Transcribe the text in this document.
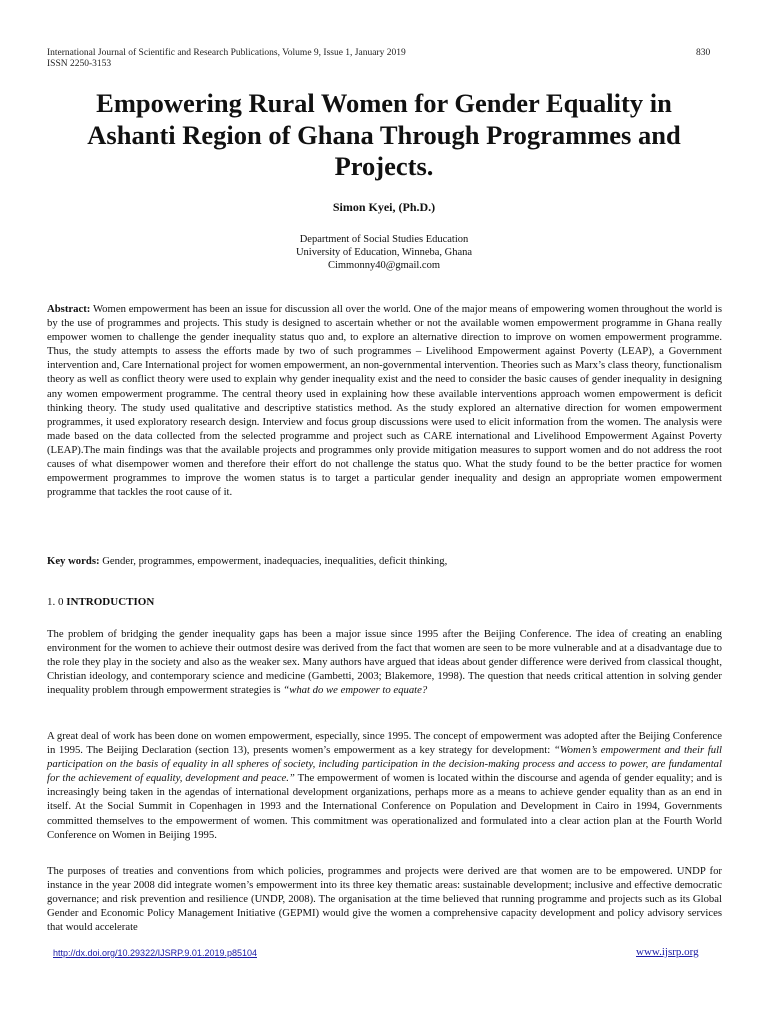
International Journal of Scientific and Research Publications, Volume 9, Issue 1, January 2019
ISSN 2250-3153
830
Empowering Rural Women for Gender Equality in
Ashanti Region of Ghana Through Programmes and
Projects.
Simon Kyei, (Ph.D.)
Department of Social Studies Education
University of Education, Winneba, Ghana
Cimmonny40@gmail.com
Abstract: Women empowerment has been an issue for discussion all over the world. One of the major means of empowering women throughout the world is by the use of programmes and projects. This study is designed to ascertain whether or not the available women empowerment programme in Ghana really empower women to challenge the gender inequality status quo and, to explore an alternative direction to improve on women empowerment programme. Thus, the study attempts to assess the efforts made by two of such programmes – Livelihood Empowerment against Poverty (LEAP), a Government intervention and, Care International project for women empowerment, an non-governmental intervention. Theories such as Marx’s class theory, functionalism theory as well as conflict theory were used to explain why gender inequality exist and the need to consider the basic causes of gender inequality in designing any women empowerment programme. The central theory used in explaining how these available interventions approach women empowerment is deficit thinking theory. The study used qualitative and descriptive statistics method. As the study explored an alternative direction for women empowerment programmes, it used exploratory research design. Interview and focus group discussions were used to elicit information from the women. The analysis were made based on the data collected from the selected programme and project such as CARE international and Livelihood Empowerment Against Poverty (LEAP).The main findings was that the available projects and programmes only provide mitigation measures to support women and do not address the root causes of what disempower women and therefore their effort do not challenge the status quo. What the study found to be the better practice for women empowerment programmes to improve the women status is to target a particular gender inequality and design an appropriate women empowerment programme that tackles the root cause of it.
Key words: Gender, programmes, empowerment, inadequacies, inequalities, deficit thinking,
1. 0 INTRODUCTION
The problem of bridging the gender inequality gaps has been a major issue since 1995 after the Beijing Conference. The idea of creating an enabling environment for the women to achieve their outmost desire was derived from the fact that women are seen to be more vulnerable and at a disadvantage due to the role they play in the society and also as the weaker sex. Many authors have argued that ideas about gender difference were derived from classical thought, Christian ideology, and contemporary science and medicine (Gambetti, 2003; Blakemore, 1998). The question that needs critical attention in solving gender inequality problem through empowerment strategies is “what do we empower to equate?
A great deal of work has been done on women empowerment, especially, since 1995. The concept of empowerment was adopted after the Beijing Conference in 1995. The Beijing Declaration (section 13), presents women’s empowerment as a key strategy for development: “Women’s empowerment and their full participation on the basis of equality in all spheres of society, including participation in the decision-making process and access to power, are fundamental for the achievement of equality, development and peace.” The empowerment of women is located within the discourse and agenda of gender equality; and is increasingly being taken in the agendas of international development organizations, perhaps more as a means to achieve gender equality than as an end in itself. At the Social Summit in Copenhagen in 1993 and the International Conference on Population and Development in Cairo in 1994, Governments committed themselves to the empowerment of women. This commitment was operationalized and formulated into a clear action plan at the Fourth World Conference on Women in Beijing 1995.
The purposes of treaties and conventions from which policies, programmes and projects were derived are that women are to be empowered. UNDP for instance in the year 2008 did integrate women’s empowerment into its three key thematic areas: sustainable development; inclusive and effective democratic governance; and risk prevention and resilience (UNDP, 2008). The organisation at the time believed that running programme and projects such as its Global Gender and Economic Policy Management Initiative (GEPMI) would give the women a comprehensive capacity development and policy advisory services that would accelerate
http://dx.doi.org/10.29322/IJSRP.9.01.2019.p85104	www.ijsrp.org
